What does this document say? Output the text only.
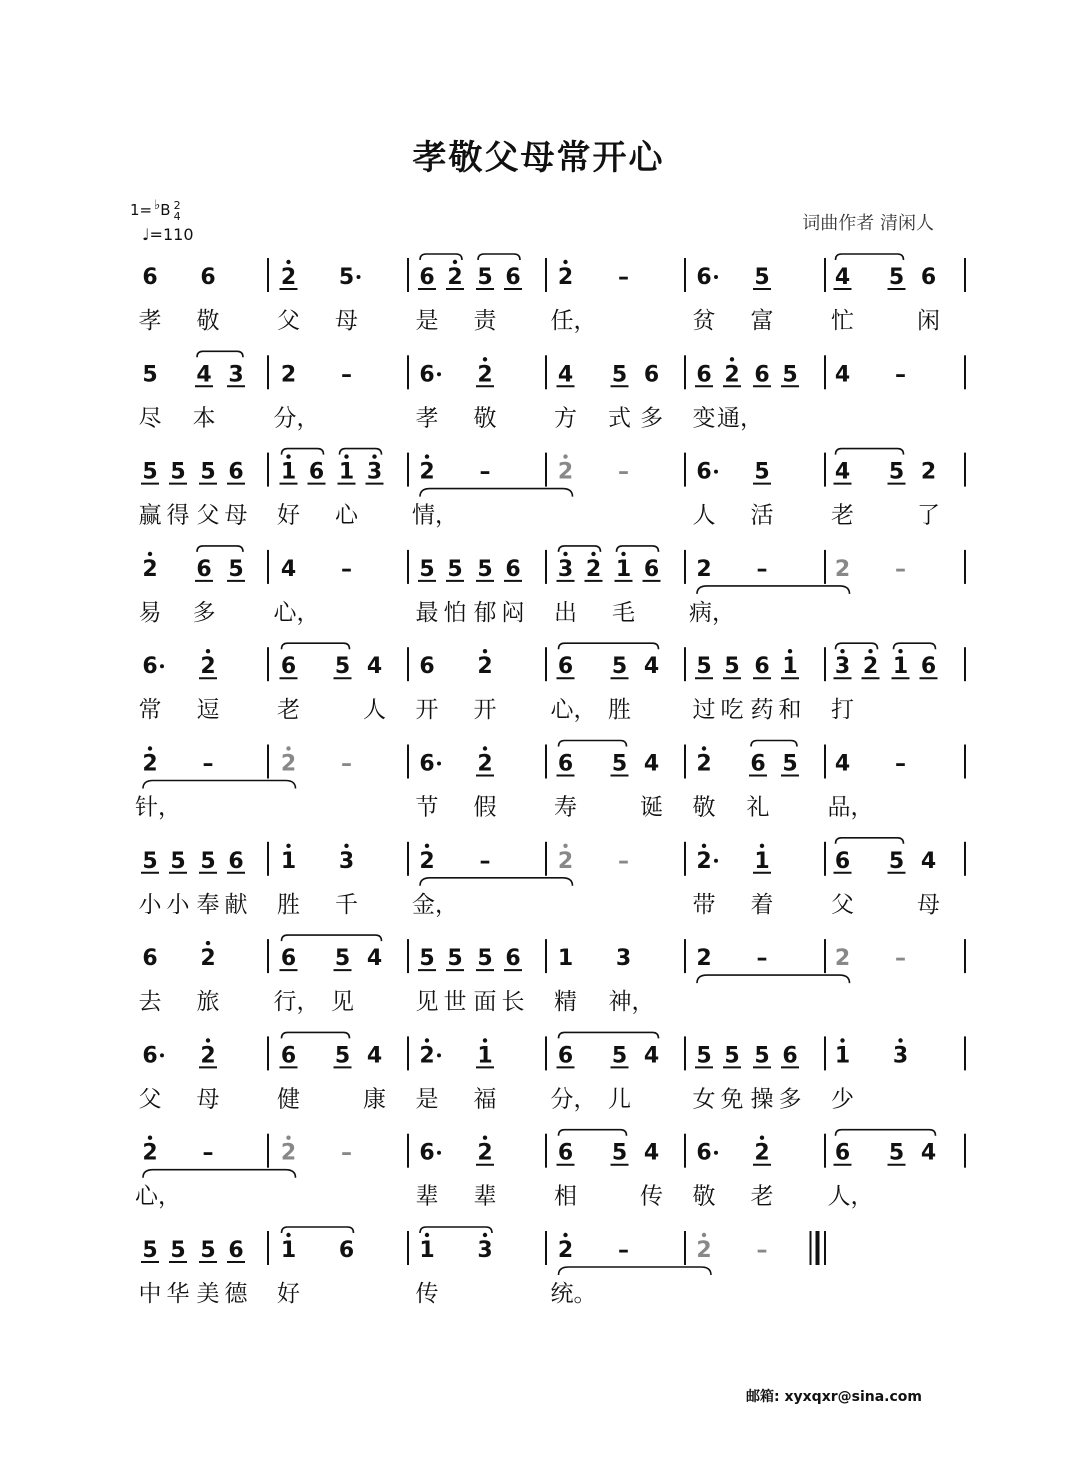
孝敬父母常开心
1= ♭B 2
4
♩=110
词曲作者 清闲人
6 6	2 5	6 2 5 6 2 –	6 5	4 5 6
孝 敬	父 母	是 责 任，	贫 富	忙	闲
5 4 3 2 –	6 2	4 5 6 6 2 6 5 4 –
尽 本	分，	孝 敬	方 式 多 变 通，
5 5 5 6 1 6 1 3 2 –	2 –	6 5	4 5 2
赢 得 父 母 好 心 情，	人 活	老	了
2 6 5 4 –	5 5 5 6 3 2 1 6 2 –	2 –
易 多	心，	最 怕 郁 闷 出 毛 病，
6 2	6 5 4 6 2	6 5 4 5 5 6 1 3 2 1 6
常 逗	老	人 开 开 心， 胜	过 吃 药 和 打
2 –	2 –	6 2	6 5 4 2 6 5 4 –
针，	节 假	寿	诞 敬 礼	品，
5 5 5 6 1 3	2 –	2 –	2 1	6 5 4
小 小 奉 献 胜 千 金，	带 着	父	母
6 2	6 5 4 5 5 5 6 1 3	2 –	2 –
去 旅 行， 见	见 世 面 长 精 神，
6 2	6 5 4 2 1	6 5 4 5 5 5 6 1 3
父 母	健	康 是 福 分， 儿	女 免 操 多 少
2 –	2 –	6 2	6 5 4 6 2	6 5 4
心，	辈 辈	相	传 敬 老 人，
5 5 5 6 1 6	1 3	2 –	2 –
中 华 美 德 好	传	统。
邮箱: xyxqxr@sina.com
